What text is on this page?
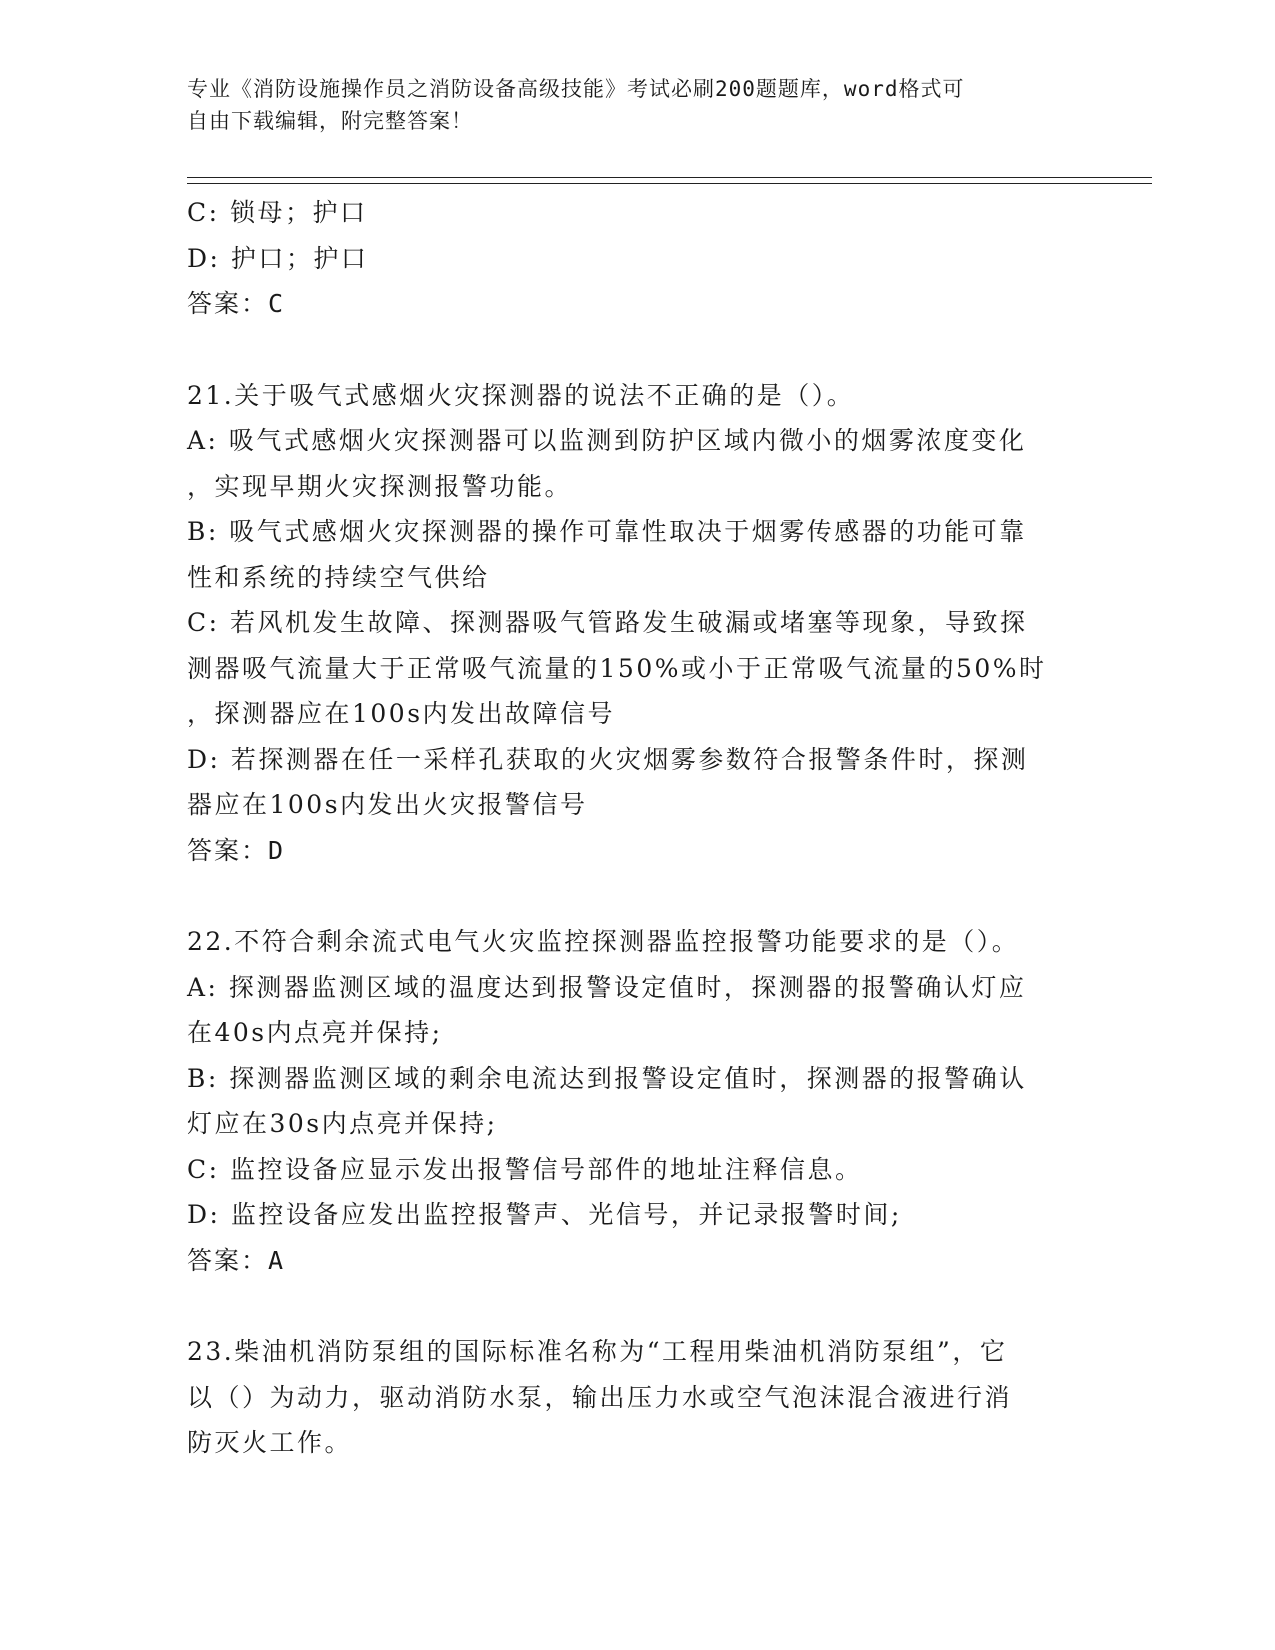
专业《消防设施操作员之消防设备高级技能》考试必刷200题题库，word格式可
自由下载编辑，附完整答案！
C: 锁母；护口
D: 护口；护口
答案：C
21.关于吸气式感烟火灾探测器的说法不正确的是（）。
A: 吸气式感烟火灾探测器可以监测到防护区域内微小的烟雾浓度变化
，实现早期火灾探测报警功能。
B: 吸气式感烟火灾探测器的操作可靠性取决于烟雾传感器的功能可靠
性和系统的持续空气供给
C: 若风机发生故障、探测器吸气管路发生破漏或堵塞等现象，导致探
测器吸气流量大于正常吸气流量的150%或小于正常吸气流量的50%时
，探测器应在100s内发出故障信号
D: 若探测器在任一采样孔获取的火灾烟雾参数符合报警条件时，探测
器应在100s内发出火灾报警信号
答案：D
22.不符合剩余流式电气火灾监控探测器监控报警功能要求的是（）。
A: 探测器监测区域的温度达到报警设定值时，探测器的报警确认灯应
在40s内点亮并保持;
B: 探测器监测区域的剩余电流达到报警设定值时，探测器的报警确认
灯应在30s内点亮并保持;
C: 监控设备应显示发出报警信号部件的地址注释信息。
D: 监控设备应发出监控报警声、光信号，并记录报警时间;
答案：A
23.柴油机消防泵组的国际标准名称为“工程用柴油机消防泵组”，它
以（）为动力，驱动消防水泵，输出压力水或空气泡沫混合液进行消
防灭火工作。
